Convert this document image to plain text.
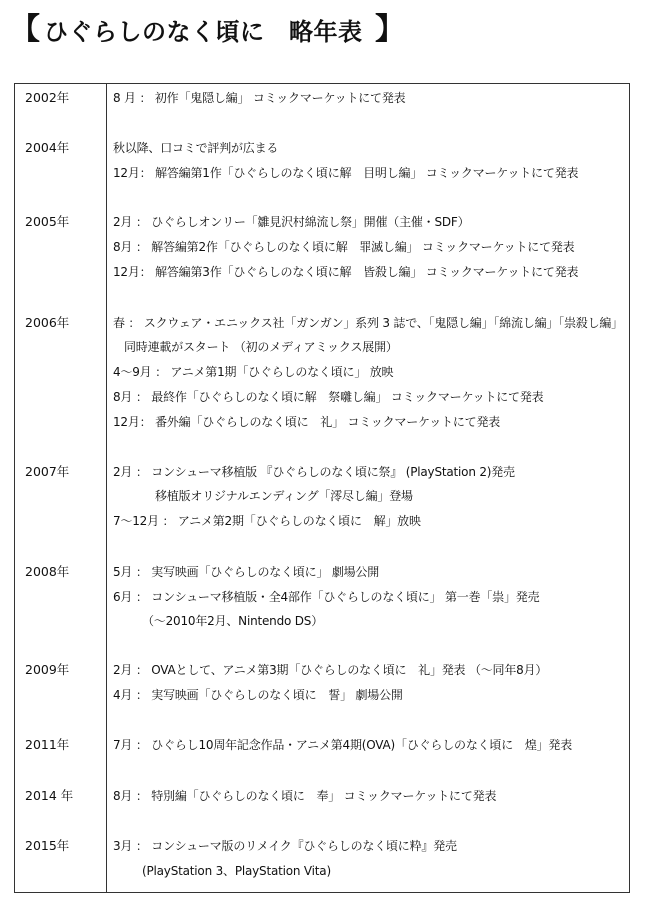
【 ひぐらしのなく頃に　略年表 】
2002年	8 月 ： 初作「鬼隠し編」 コミックマーケットにて発表
2004年	秋以降、口コミで評判が広まる
12月： 解答編第1作「ひぐらしのなく頃に解　目明し編」 コミックマーケットにて発表
2005年	2月 ： ひぐらしオンリー「雛見沢村綿流し祭」開催（主催・SDF）
8月 ： 解答編第2作「ひぐらしのなく頃に解　罪滅し編」 コミックマーケットにて発表
12月： 解答編第3作「ひぐらしのなく頃に解　皆殺し編」 コミックマーケットにて発表
2006年	春 ： スクウェア・エニックス社「ガンガン」系列 3 誌で、「鬼隠し編」「綿流し編」「祟殺し編」
同時連載がスタート （初のメディアミックス展開）
4～9月 ： アニメ第1期「ひぐらしのなく頃に」 放映
8月 ： 最終作「ひぐらしのなく頃に解　祭囃し編」 コミックマーケットにて発表
12月： 番外編「ひぐらしのなく頃に　礼」 コミックマーケットにて発表
2007年	2月 ： コンシューマ移植版 『ひぐらしのなく頃に祭』 (PlayStation 2)発売
移植版オリジナルエンディング「澪尽し編」登場
7～12月 ： アニメ第2期「ひぐらしのなく頃に　解」放映
2008年	5月 ： 実写映画「ひぐらしのなく頃に」 劇場公開
6月 ： コンシューマ移植版・全4部作「ひぐらしのなく頃に」 第一巻「祟」発売
（～2010年2月、Nintendo DS）
2009年	2月 ： OVAとして、アニメ第3期「ひぐらしのなく頃に　礼」発表 （～同年8月）
4月 ： 実写映画「ひぐらしのなく頃に　誓」 劇場公開
2011年	7月 ： ひぐらし10周年記念作品・アニメ第4期(OVA)「ひぐらしのなく頃に　煌」発表
2014 年	8月 ： 特別編「ひぐらしのなく頃に　奉」 コミックマーケットにて発表
2015年	3月 ： コンシューマ版のリメイク『ひぐらしのなく頃に粋』発売
(PlayStation 3、PlayStation Vita)
